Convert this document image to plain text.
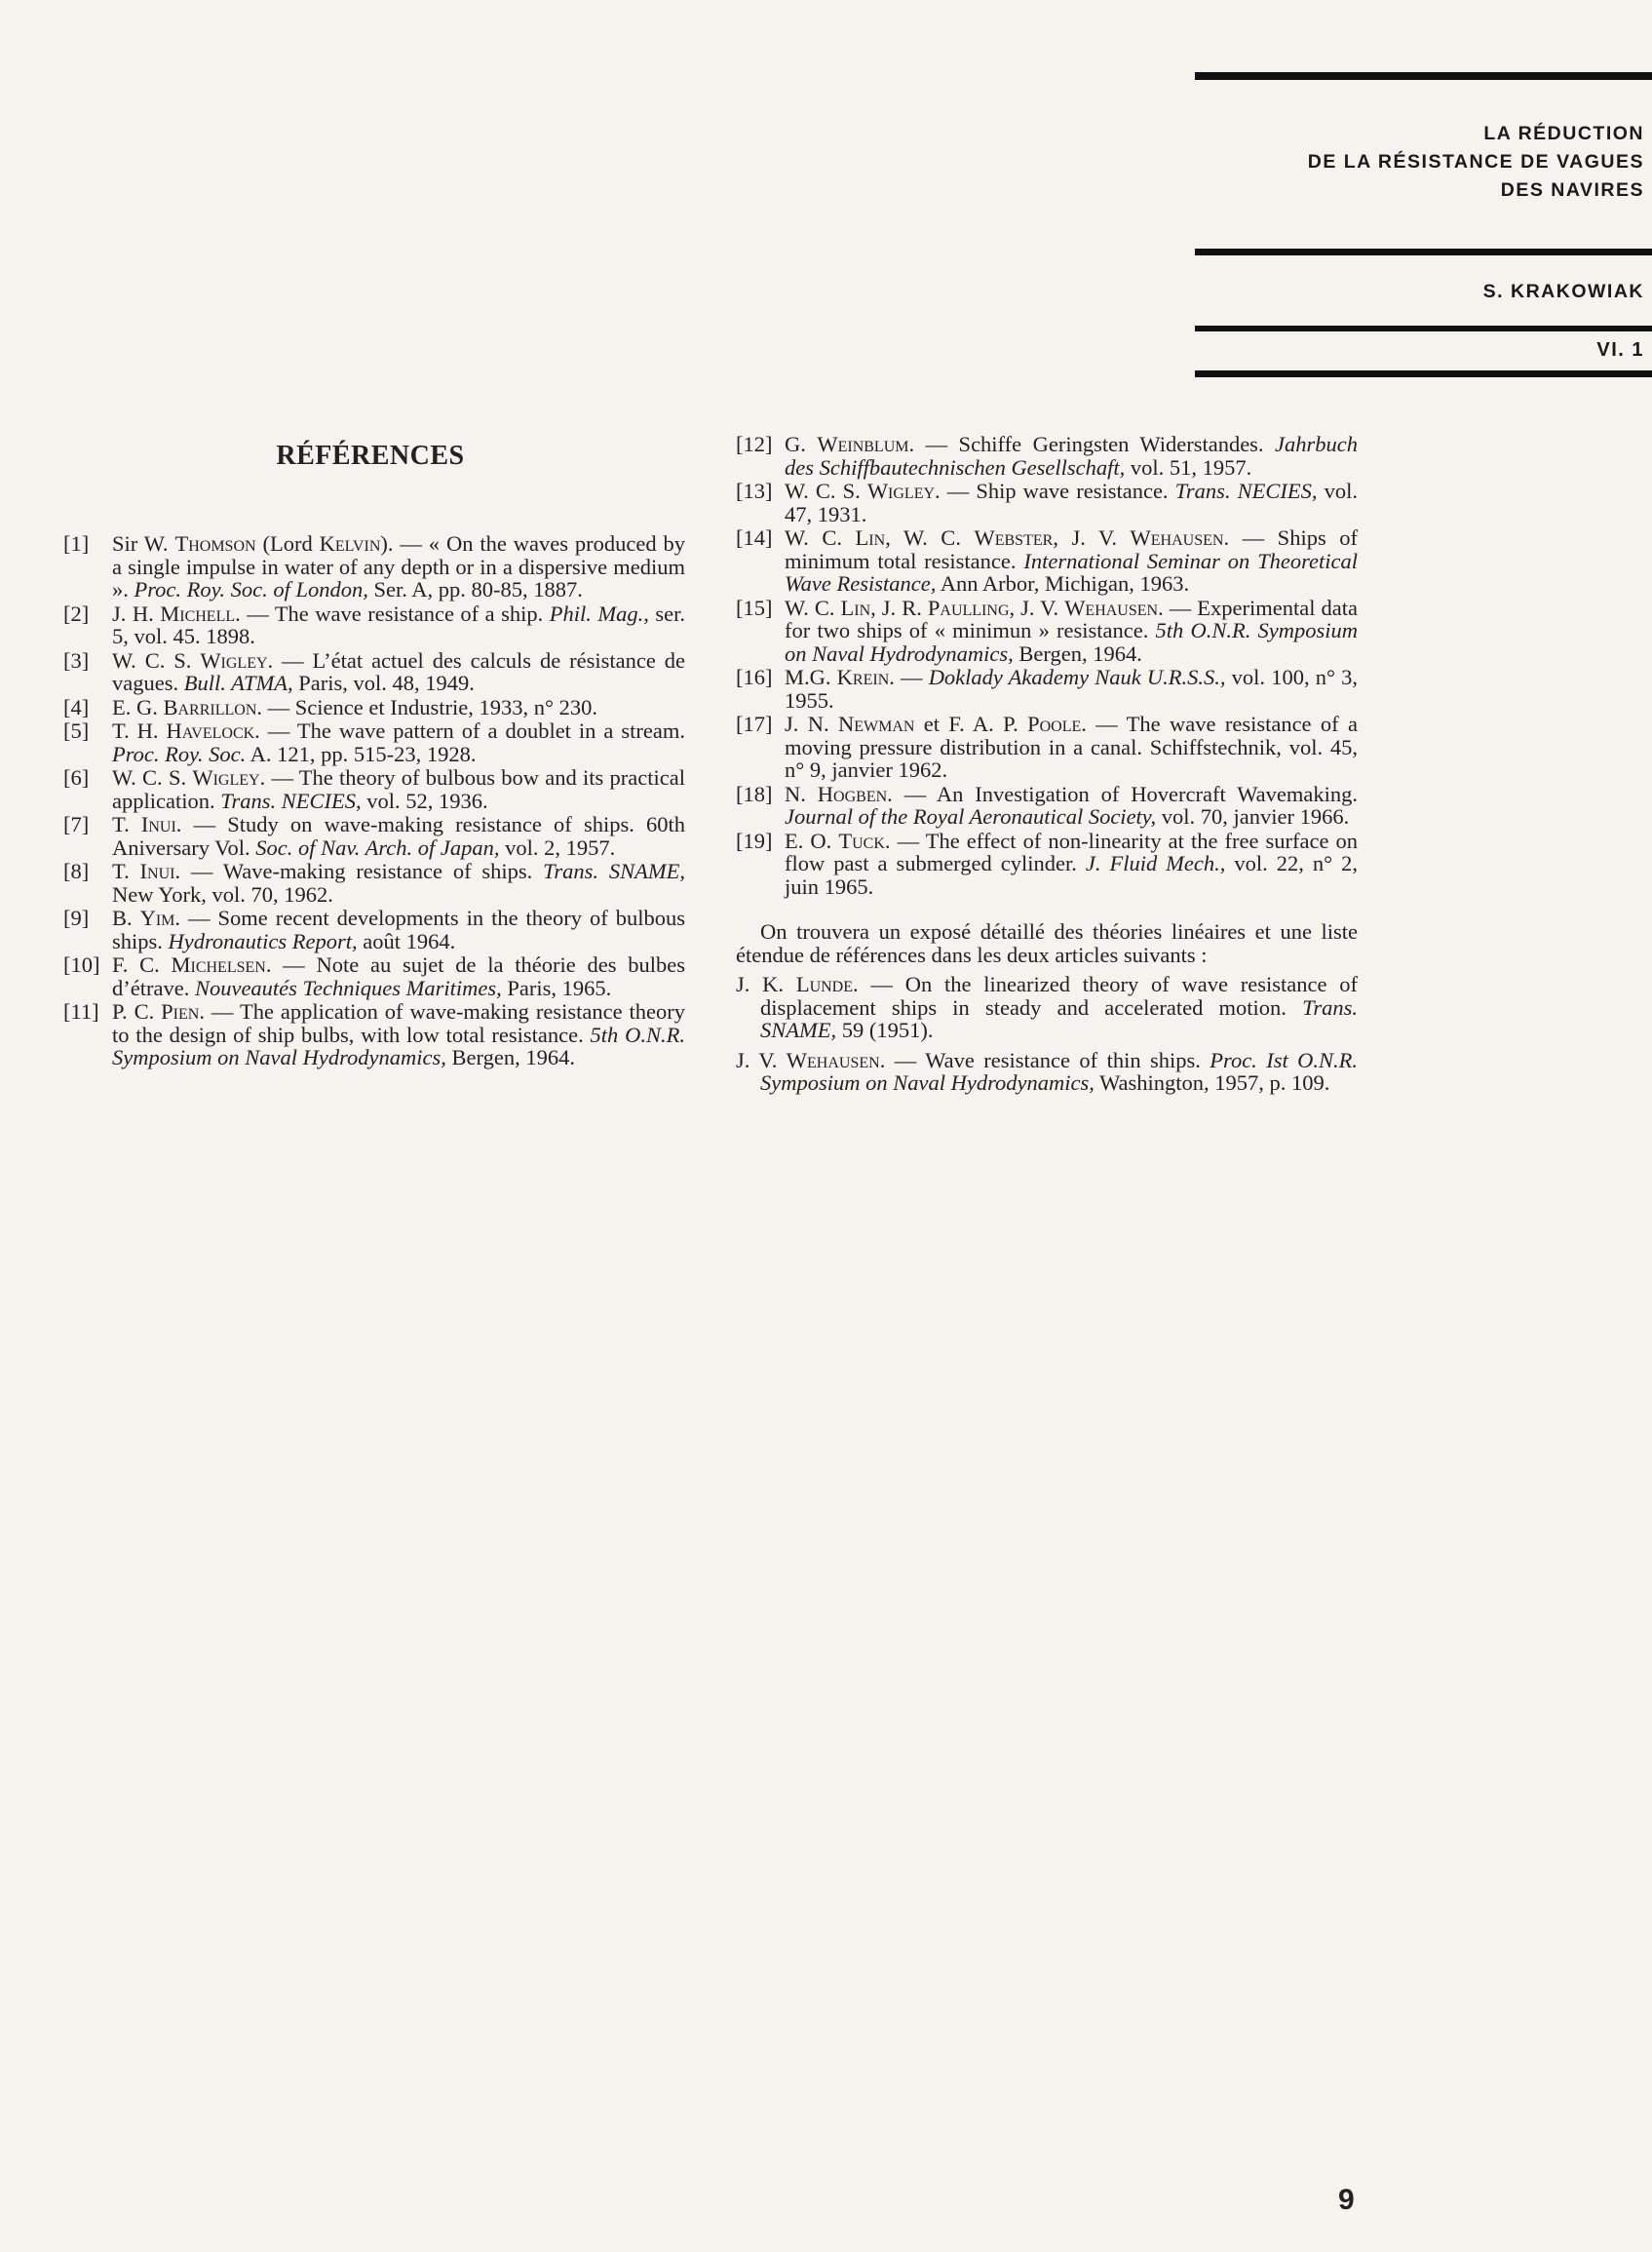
LA RÉDUCTION
DE LA RÉSISTANCE DE VAGUES
DES NAVIRES
S. KRAKOWIAK
VI. 1
RÉFÉRENCES
[1] Sir W. Thomson (Lord Kelvin). — « On the waves produced by a single impulse in water of any depth or in a dispersive medium ». Proc. Roy. Soc. of London, Ser. A, pp. 80-85, 1887.
[2] J. H. Michell. — The wave resistance of a ship. Phil. Mag., ser. 5, vol. 45. 1898.
[3] W. C. S. Wigley. — L’état actuel des calculs de résistance de vagues. Bull. ATMA, Paris, vol. 48, 1949.
[4] E. G. Barrillon. — Science et Industrie, 1933, n° 230.
[5] T. H. Havelock. — The wave pattern of a doublet in a stream. Proc. Roy. Soc. A. 121, pp. 515-23, 1928.
[6] W. C. S. Wigley. — The theory of bulbous bow and its practical application. Trans. NECIES, vol. 52, 1936.
[7] T. Inui. — Study on wave-making resistance of ships. 60th Aniversary Vol. Soc. of Nav. Arch. of Japan, vol. 2, 1957.
[8] T. Inui. — Wave-making resistance of ships. Trans. SNAME, New York, vol. 70, 1962.
[9] B. Yim. — Some recent developments in the theory of bulbous ships. Hydronautics Report, août 1964.
[10] F. C. Michelsen. — Note au sujet de la théorie des bulbes d’étrave. Nouveautés Techniques Maritimes, Paris, 1965.
[11] P. C. Pien. — The application of wave-making resistance theory to the design of ship bulbs, with low total resistance. 5th O.N.R. Symposium on Naval Hydrodynamics, Bergen, 1964.
[12] G. Weinblum. — Schiffe Geringsten Widerstandes. Jahrbuch des Schiffbautechnischen Gesellschaft, vol. 51, 1957.
[13] W. C. S. Wigley. — Ship wave resistance. Trans. NECIES, vol. 47, 1931.
[14] W. C. Lin, W. C. Webster, J. V. Wehausen. — Ships of minimum total resistance. International Seminar on Theoretical Wave Resistance, Ann Arbor, Michigan, 1963.
[15] W. C. Lin, J. R. Paulling, J. V. Wehausen. — Experimental data for two ships of « minimun » resistance. 5th O.N.R. Symposium on Naval Hydrodynamics, Bergen, 1964.
[16] M.G. Krein. — Doklady Akademy Nauk U.R.S.S., vol. 100, n° 3, 1955.
[17] J. N. Newman et F. A. P. Poole. — The wave resistance of a moving pressure distribution in a canal. Schiffstechnik, vol. 45, n° 9, janvier 1962.
[18] N. Hogben. — An Investigation of Hovercraft Wavemaking. Journal of the Royal Aeronautical Society, vol. 70, janvier 1966.
[19] E. O. Tuck. — The effect of non-linearity at the free surface on flow past a submerged cylinder. J. Fluid Mech., vol. 22, n° 2, juin 1965.
On trouvera un exposé détaillé des théories linéaires et une liste étendue de références dans les deux articles suivants :
J. K. Lunde. — On the linearized theory of wave resistance of displacement ships in steady and accelerated motion. Trans. SNAME, 59 (1951).
J. V. Wehausen. — Wave resistance of thin ships. Proc. Ist O.N.R. Symposium on Naval Hydrodynamics, Washington, 1957, p. 109.
9
